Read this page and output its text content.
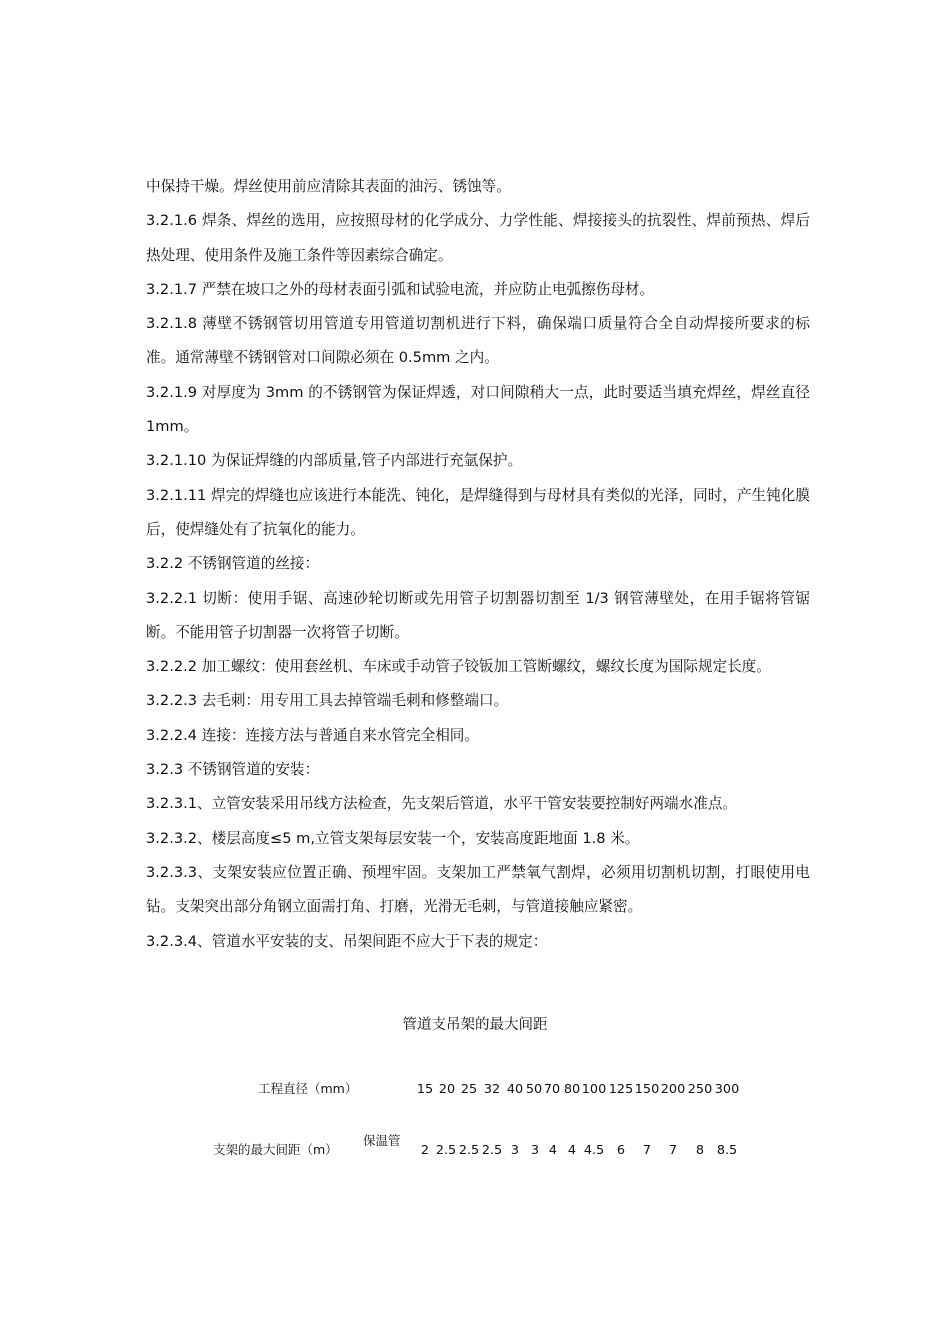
中保持干燥。焊丝使用前应清除其表面的油污、锈蚀等。

3.2.1.6 焊条、焊丝的选用，应按照母材的化学成分、力学性能、焊接接头的抗裂性、焊前预热、焊后热处理、使用条件及施工条件等因素综合确定。

3.2.1.7 严禁在坡口之外的母材表面引弧和试验电流，并应防止电弧擦伤母材。

3.2.1.8 薄壁不锈钢管切用管道专用管道切割机进行下料，确保端口质量符合全自动焊接所要求的标准。通常薄壁不锈钢管对口间隙必须在 0.5mm 之内。

3.2.1.9 对厚度为 3mm 的不锈钢管为保证焊透，对口间隙稍大一点，此时要适当填充焊丝，焊丝直径 1mm。

3.2.1.10 为保证焊缝的内部质量,管子内部进行充氩保护。

3.2.1.11 焊完的焊缝也应该进行本能洗、钝化，是焊缝得到与母材具有类似的光泽，同时，产生钝化膜后，使焊缝处有了抗氧化的能力。

3.2.2 不锈钢管道的丝接：

3.2.2.1 切断：使用手锯、高速砂轮切断或先用管子切割器切割至 1/3 钢管薄壁处，在用手锯将管锯断。不能用管子切割器一次将管子切断。

3.2.2.2 加工螺纹：使用套丝机、车床或手动管子铰钣加工管断螺纹，螺纹长度为国际规定长度。

3.2.2.3 去毛刺：用专用工具去掉管端毛刺和修整端口。

3.2.2.4 连接：连接方法与普通自来水管完全相同。

3.2.3 不锈钢管道的安装：

3.2.3.1、立管安装采用吊线方法检查，先支架后管道，水平干管安装要控制好两端水准点。

3.2.3.2、楼层高度≤5 m,立管支架每层安装一个，安装高度距地面 1.8 米。

3.2.3.3、支架安装应位置正确、预埋牢固。支架加工严禁氧气割焊，必须用切割机切割，打眼使用电钻。支架突出部分角钢立面需打角、打磨，光滑无毛刺，与管道接触应紧密。

3.2.3.4、管道水平安装的支、吊架间距不应大于下表的规定：

管道支吊架的最大间距
工程直径（mm）	15 20 25 32 40 50 70 80 100 125 150 200 250 300
支架的最大间距（m）
保温管
2 2.5 2.5 2.5 3 3 4 4 4.5 6 7 7 8 8.5
